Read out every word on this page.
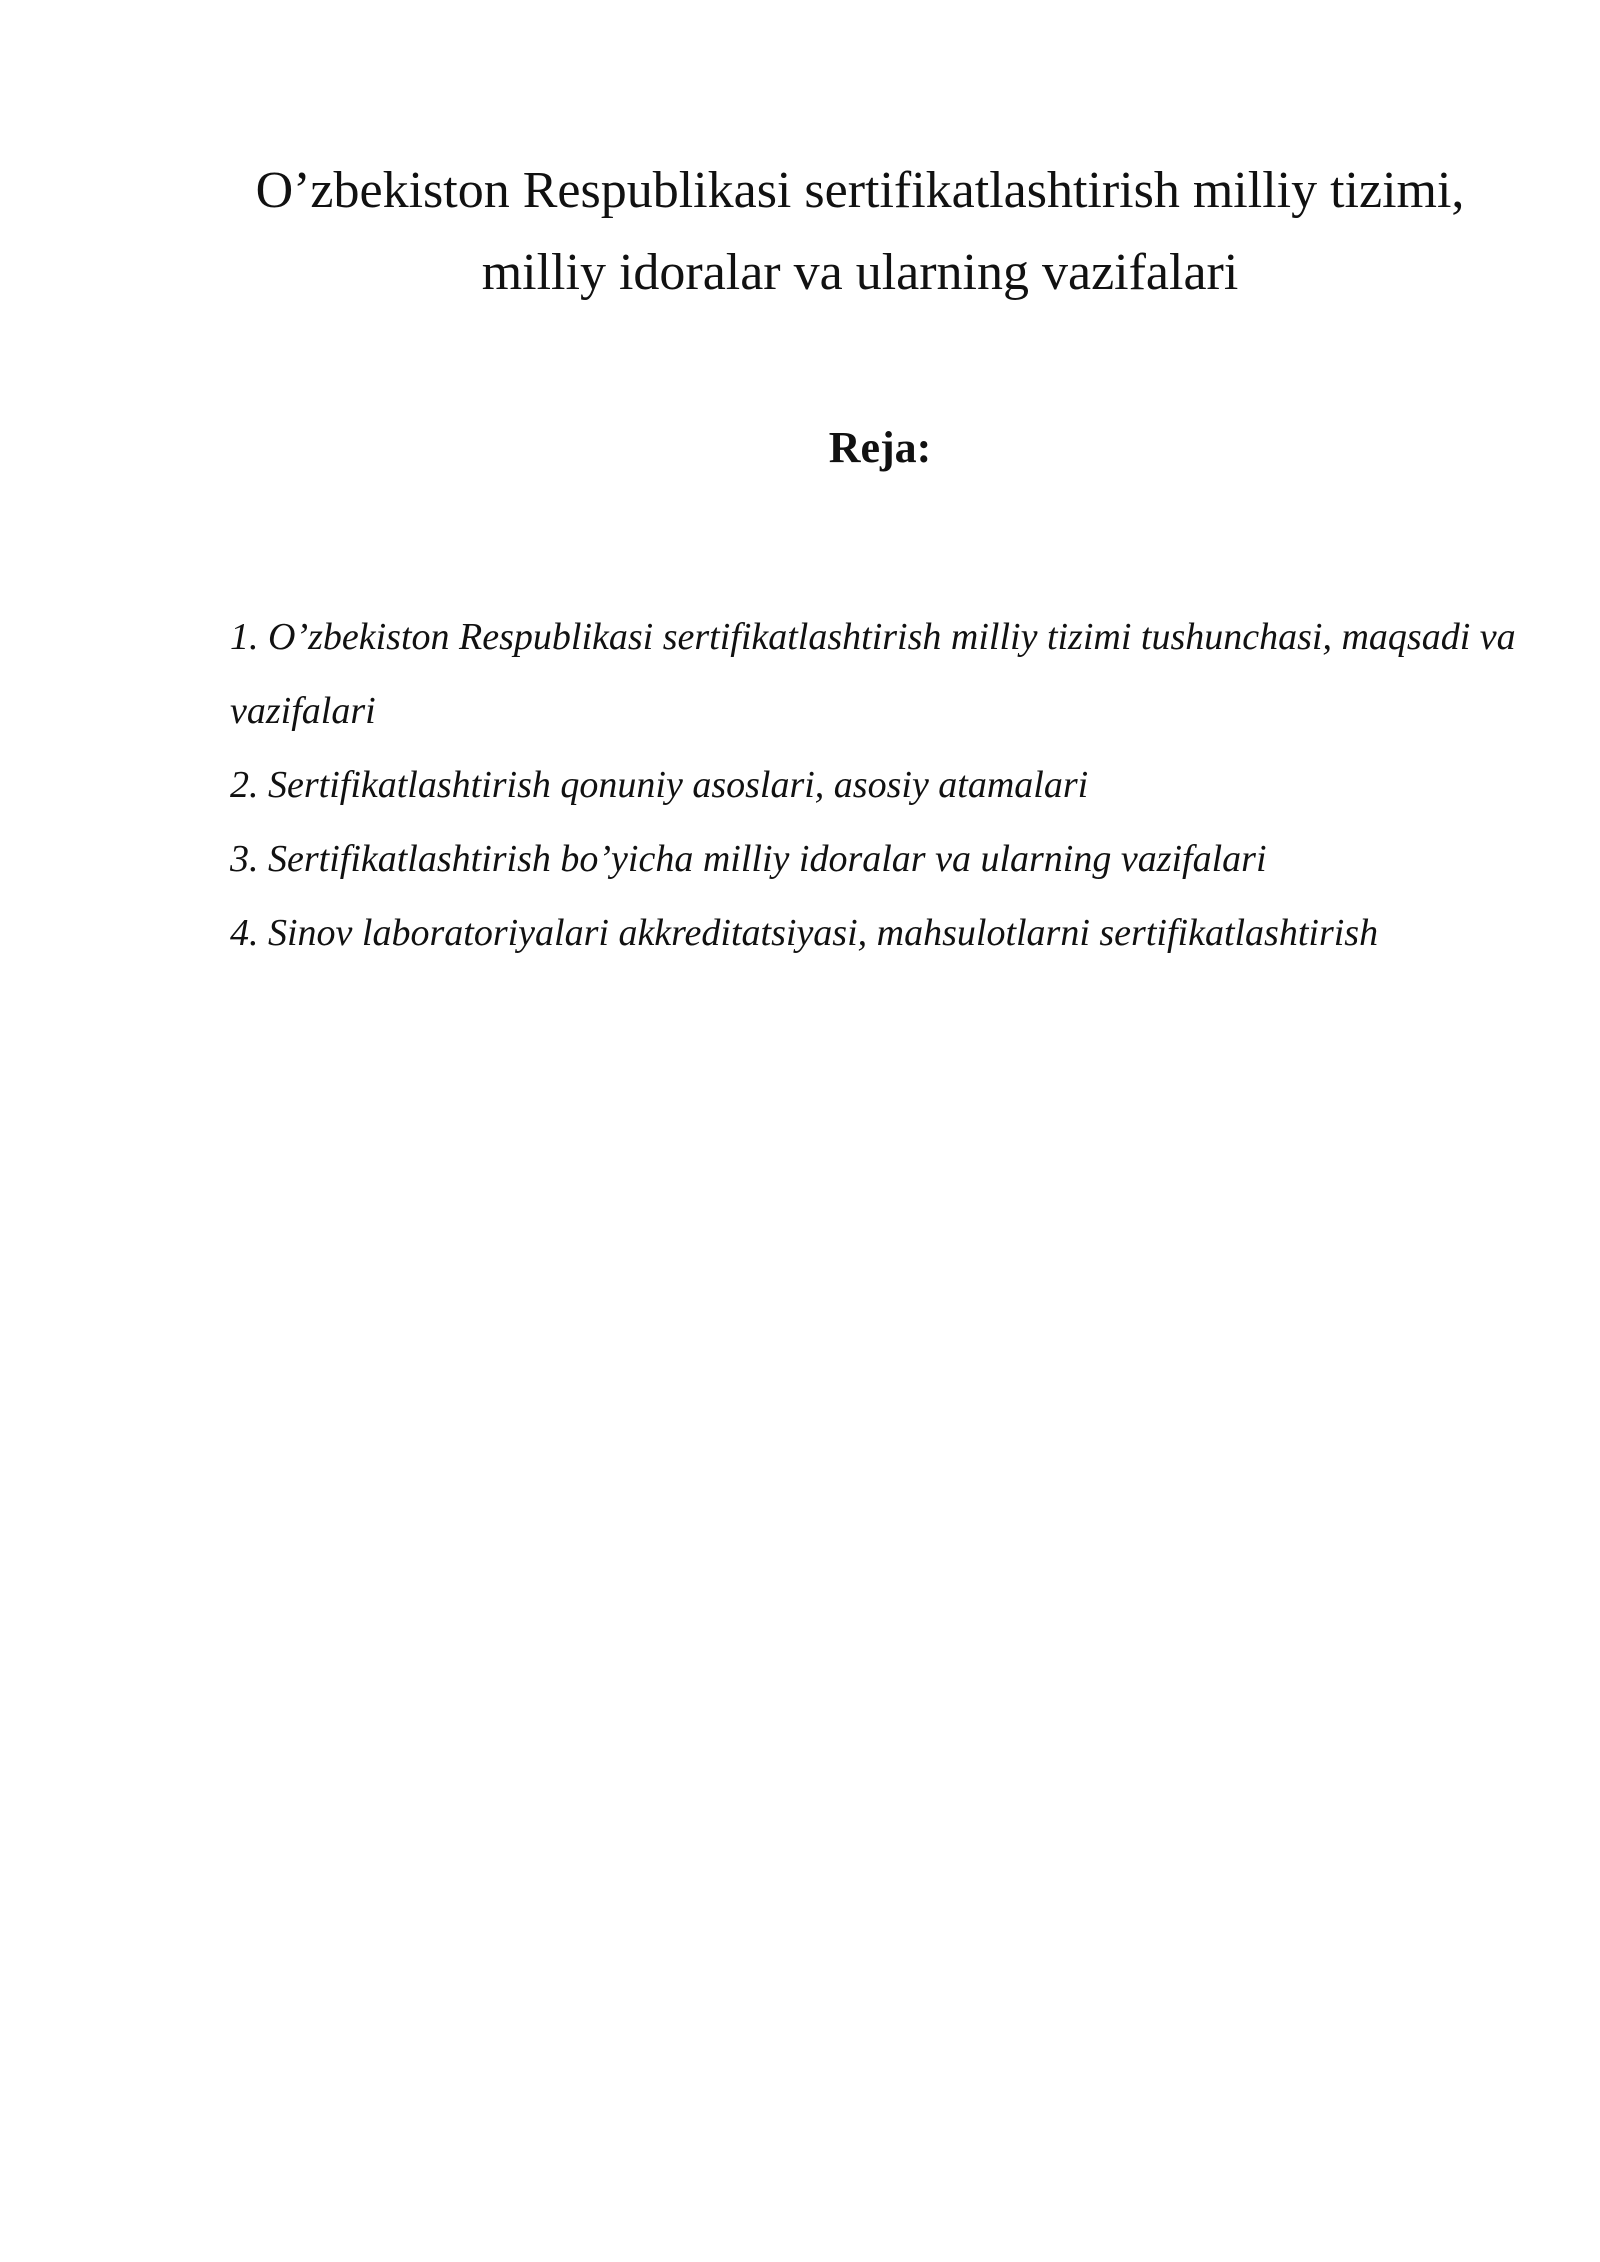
O’zbekiston Respublikasi sertifikatlashtirish milliy tizimi, milliy idoralar va ularning vazifalari
Reja:
1. O’zbekiston Respublikasi sertifikatlashtirish milliy tizimi tushunchasi, maqsadi va vazifalari
2. Sertifikatlashtirish qonuniy asoslari, asosiy atamalari
3. Sertifikatlashtirish bo’yicha milliy idoralar va ularning vazifalari
4. Sinov laboratoriyalari akkreditatsiyasi, mahsulotlarni sertifikatlashtirish
